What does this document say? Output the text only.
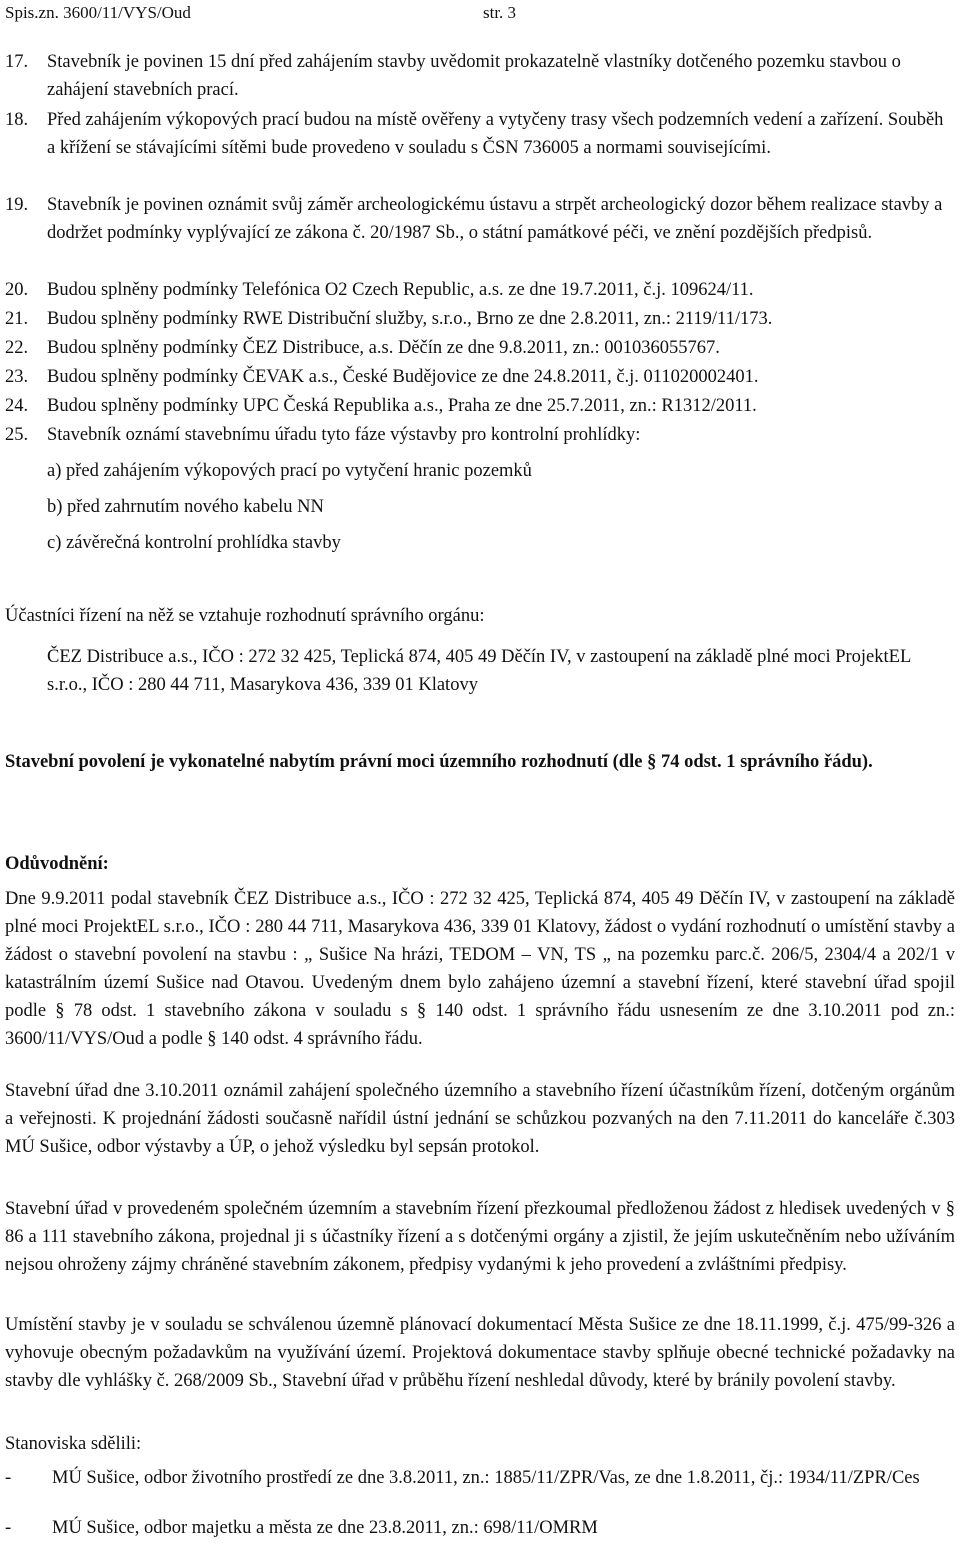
Spis.zn. 3600/11/VYS/Oud	str. 3
17. Stavebník je povinen 15 dní před zahájením stavby uvědomit prokazatelně vlastníky dotčeného pozemku stavbou o zahájení stavebních prací.
18. Před zahájením výkopových prací budou na místě ověřeny a vytyčeny trasy všech podzemních vedení a zařízení. Souběh a křížení se stávajícími sítěmi bude provedeno v souladu s ČSN 736005 a normami souvisejícími.
19. Stavebník je povinen oznámit svůj záměr archeologickému ústavu a strpět archeologický dozor během realizace stavby a dodržet podmínky vyplývající ze zákona č. 20/1987 Sb., o státní památkové péči, ve znění pozdějších předpisů.
20. Budou splněny podmínky Telefónica O2 Czech Republic, a.s. ze dne 19.7.2011, č.j. 109624/11.
21. Budou splněny podmínky RWE Distribuční služby, s.r.o., Brno ze dne 2.8.2011, zn.: 2119/11/173.
22. Budou splněny podmínky ČEZ Distribuce, a.s. Děčín ze dne 9.8.2011, zn.: 001036055767.
23. Budou splněny podmínky ČEVAK a.s., České Budějovice ze dne 24.8.2011, č.j. 011020002401.
24. Budou splněny podmínky UPC Česká Republika a.s., Praha ze dne 25.7.2011, zn.: R1312/2011.
25. Stavebník oznámí stavebnímu úřadu tyto fáze výstavby pro kontrolní prohlídky:
a) před zahájením výkopových prací po vytyčení hranic pozemků
b) před zahrnutím nového kabelu NN
c) závěrečná kontrolní prohlídka stavby
Účastníci řízení na něž se vztahuje rozhodnutí správního orgánu:
ČEZ Distribuce a.s., IČO : 272 32 425, Teplická 874, 405 49 Děčín IV, v zastoupení na základě plné moci ProjektEL s.r.o., IČO : 280 44 711, Masarykova 436, 339 01 Klatovy
Stavební povolení je vykonatelné nabytím právní moci územního rozhodnutí (dle § 74 odst. 1 správního řádu).
Odůvodnění:
Dne 9.9.2011 podal stavebník ČEZ Distribuce a.s., IČO : 272 32 425, Teplická 874, 405 49 Děčín IV, v zastoupení na základě plné moci ProjektEL s.r.o., IČO : 280 44 711, Masarykova 436, 339 01 Klatovy, žádost o vydání rozhodnutí o umístění stavby a žádost o stavební povolení na stavbu : „ Sušice Na hrázi, TEDOM – VN, TS „ na pozemku parc.č. 206/5, 2304/4 a 202/1 v katastrálním území Sušice nad Otavou. Uvedeným dnem bylo zahájeno územní a stavební řízení, které stavební úřad spojil podle § 78 odst. 1 stavebního zákona v souladu s § 140 odst. 1 správního řádu usnesením ze dne 3.10.2011 pod zn.: 3600/11/VYS/Oud a podle § 140 odst. 4 správního řádu.
Stavební úřad dne 3.10.2011 oznámil zahájení společného územního a stavebního řízení účastníkům řízení, dotčeným orgánům a veřejnosti. K projednání žádosti současně nařídil ústní jednání se schůzkou pozvaných na den 7.11.2011 do kanceláře č.303 MÚ Sušice, odbor výstavby a ÚP, o jehož výsledku byl sepsán protokol.
Stavební úřad v provedeném společném územním a stavebním řízení přezkoumal předloženou žádost z hledisek uvedených v § 86 a 111 stavebního zákona, projednal ji s účastníky řízení a s dotčenými orgány a zjistil, že jejím uskutečněním nebo užíváním nejsou ohroženy zájmy chráněné stavebním zákonem, předpisy vydanými k jeho provedení a zvláštními předpisy.
Umístění stavby je v souladu se schválenou územně plánovací dokumentací Města Sušice ze dne 18.11.1999, č.j. 475/99-326 a vyhovuje obecným požadavkům na využívání území. Projektová dokumentace stavby splňuje obecné technické požadavky na stavby dle vyhlášky č. 268/2009 Sb., Stavební úřad v průběhu řízení neshledal důvody, které by bránily povolení stavby.
Stanoviska sdělili:
- MÚ Sušice, odbor životního prostředí ze dne 3.8.2011, zn.: 1885/11/ZPR/Vas, ze dne 1.8.2011, čj.: 1934/11/ZPR/Ces
- MÚ Sušice, odbor majetku a města ze dne 23.8.2011, zn.: 698/11/OMRM
